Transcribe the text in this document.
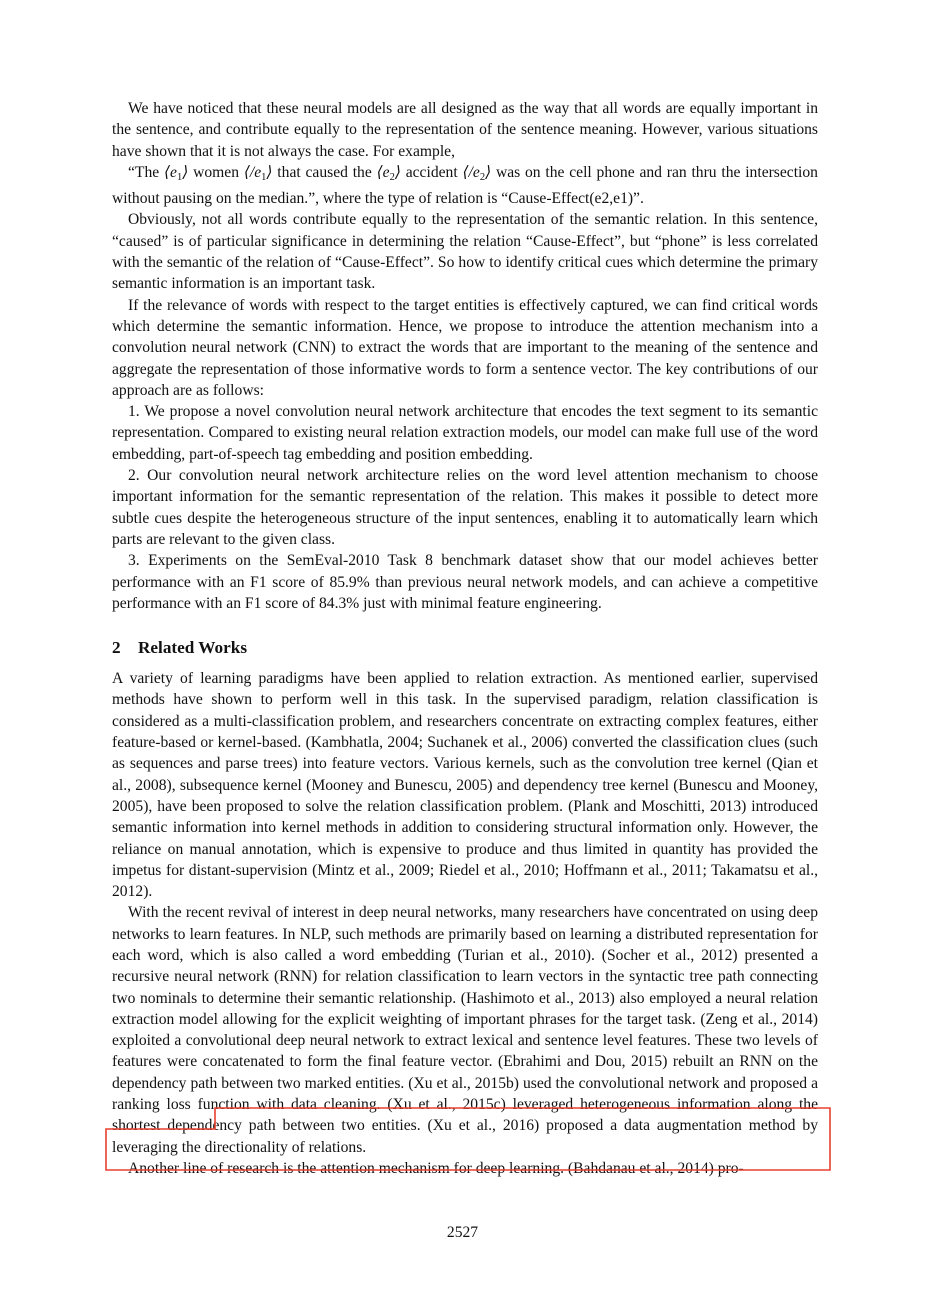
We have noticed that these neural models are all designed as the way that all words are equally important in the sentence, and contribute equally to the representation of the sentence meaning. However, various situations have shown that it is not always the case. For example,

“The $⟨e_1⟩$ women $⟨/e_1⟩$ that caused the $⟨e_2⟩$ accident $⟨/e_2⟩$ was on the cell phone and ran thru the intersection without pausing on the median.”, where the type of relation is “Cause-Effect(e2,e1)”.

Obviously, not all words contribute equally to the representation of the semantic relation. In this sentence, “caused” is of particular significance in determining the relation “Cause-Effect”, but “phone” is less correlated with the semantic of the relation of “Cause-Effect”. So how to identify critical cues which determine the primary semantic information is an important task.

If the relevance of words with respect to the target entities is effectively captured, we can find critical words which determine the semantic information. Hence, we propose to introduce the attention mechanism into a convolution neural network (CNN) to extract the words that are important to the meaning of the sentence and aggregate the representation of those informative words to form a sentence vector. The key contributions of our approach are as follows:

1. We propose a novel convolution neural network architecture that encodes the text segment to its semantic representation. Compared to existing neural relation extraction models, our model can make full use of the word embedding, part-of-speech tag embedding and position embedding.

2. Our convolution neural network architecture relies on the word level attention mechanism to choose important information for the semantic representation of the relation. This makes it possible to detect more subtle cues despite the heterogeneous structure of the input sentences, enabling it to automatically learn which parts are relevant to the given class.

3. Experiments on the SemEval-2010 Task 8 benchmark dataset show that our model achieves better performance with an F1 score of 85.9% than previous neural network models, and can achieve a competitive performance with an F1 score of 84.3% just with minimal feature engineering.

2 Related Works

A variety of learning paradigms have been applied to relation extraction. As mentioned earlier, supervised methods have shown to perform well in this task. In the supervised paradigm, relation classification is considered as a multi-classification problem, and researchers concentrate on extracting complex features, either feature-based or kernel-based. (Kambhatla, 2004; Suchanek et al., 2006) converted the classification clues (such as sequences and parse trees) into feature vectors. Various kernels, such as the convolution tree kernel (Qian et al., 2008), subsequence kernel (Mooney and Bunescu, 2005) and dependency tree kernel (Bunescu and Mooney, 2005), have been proposed to solve the relation classification problem. (Plank and Moschitti, 2013) introduced semantic information into kernel methods in addition to considering structural information only. However, the reliance on manual annotation, which is expensive to produce and thus limited in quantity has provided the impetus for distant-supervision (Mintz et al., 2009; Riedel et al., 2010; Hoffmann et al., 2011; Takamatsu et al., 2012).

With the recent revival of interest in deep neural networks, many researchers have concentrated on using deep networks to learn features. In NLP, such methods are primarily based on learning a distributed representation for each word, which is also called a word embedding (Turian et al., 2010). (Socher et al., 2012) presented a recursive neural network (RNN) for relation classification to learn vectors in the syntactic tree path connecting two nominals to determine their semantic relationship. (Hashimoto et al., 2013) also employed a neural relation extraction model allowing for the explicit weighting of important phrases for the target task. (Zeng et al., 2014) exploited a convolutional deep neural network to extract lexical and sentence level features. These two levels of features were concatenated to form the final feature vector. (Ebrahimi and Dou, 2015) rebuilt an RNN on the dependency path between two marked entities. (Xu et al., 2015b) used the convolutional network and proposed a ranking loss function with data cleaning. (Xu et al., 2015c) leveraged heterogeneous information along the shortest dependency path between two entities. (Xu et al., 2016) proposed a data augmentation method by leveraging the directionality of relations.

Another line of research is the attention mechanism for deep learning. (Bahdanau et al., 2014) pro-

2527
